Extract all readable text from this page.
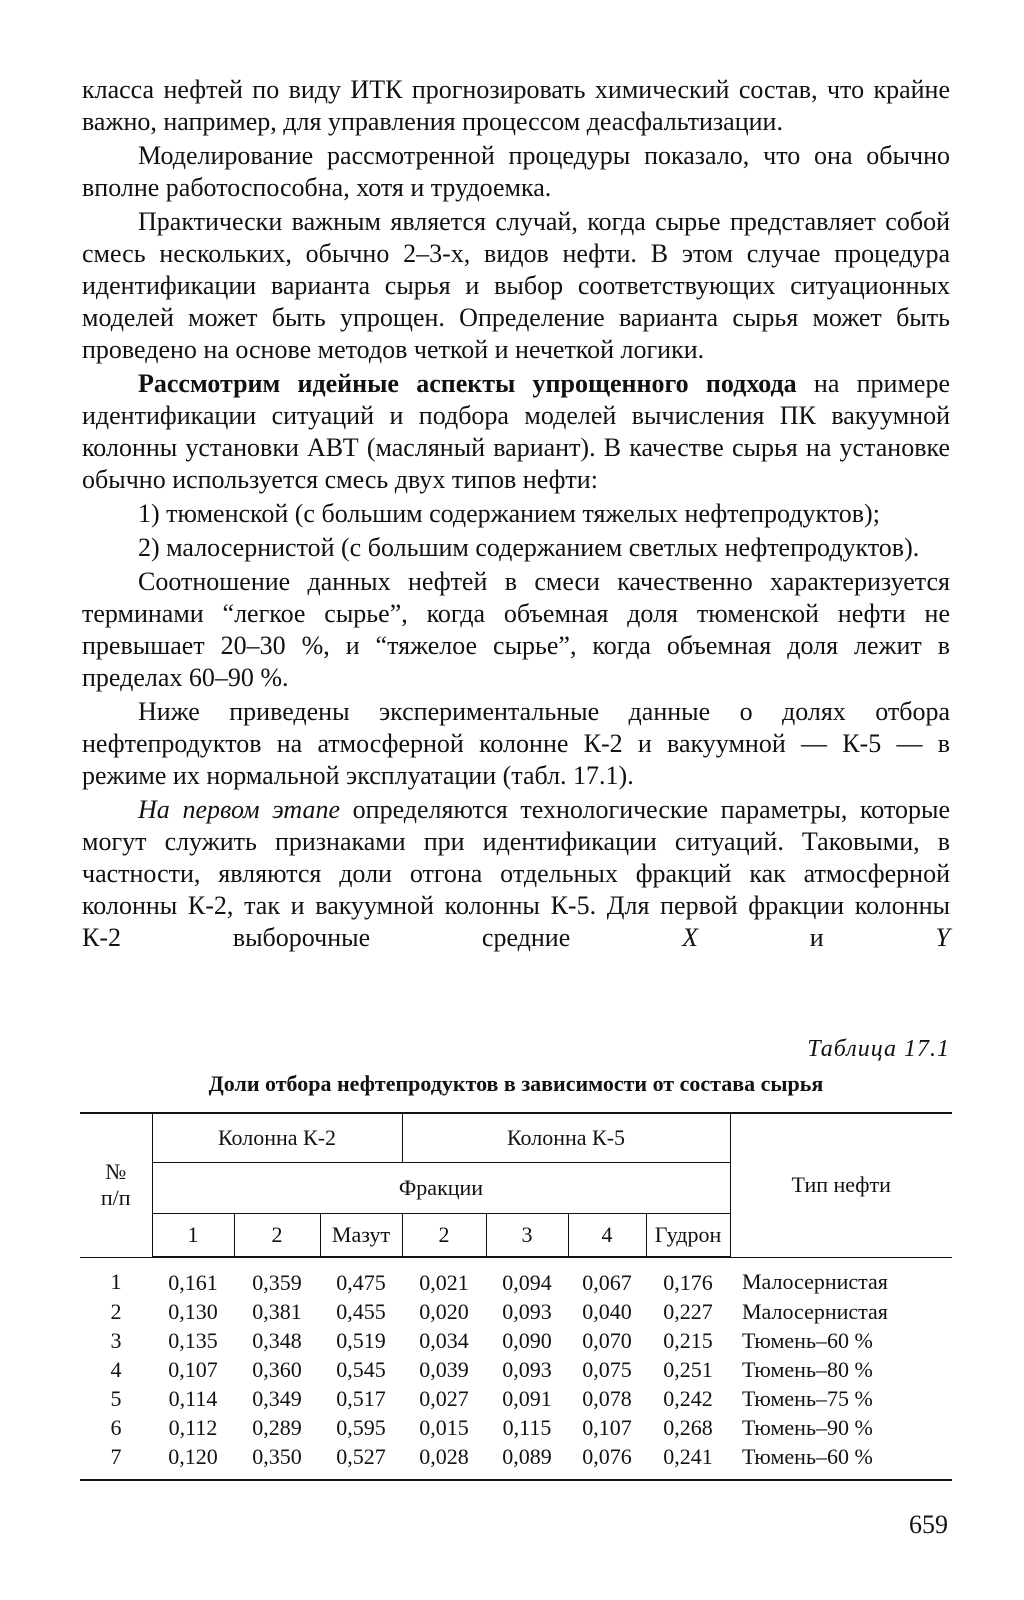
класса нефтей по виду ИТК прогнозировать химический состав, что крайне важно, например, для управления процессом деасфальтизации.

Моделирование рассмотренной процедуры показало, что она обычно вполне работоспособна, хотя и трудоемка.

Практически важным является случай, когда сырье представляет собой смесь нескольких, обычно 2–3-х, видов нефти. В этом случае процедура идентификации варианта сырья и выбор соответствующих ситуационных моделей может быть упрощен. Определение варианта сырья может быть проведено на основе методов четкой и нечеткой логики.

Рассмотрим идейные аспекты упрощенного подхода на примере идентификации ситуаций и подбора моделей вычисления ПК вакуумной колонны установки АВТ (масляный вариант). В качестве сырья на установке обычно используется смесь двух типов нефти:

1) тюменской (с большим содержанием тяжелых нефтепродуктов);

2) малосернистой (с большим содержанием светлых нефтепродуктов).

Соотношение данных нефтей в смеси качественно характеризуется терминами “легкое сырье”, когда объемная доля тюменской нефти не превышает 20–30 %, и “тяжелое сырье”, когда объемная доля лежит в пределах 60–90 %.

Ниже приведены экспериментальные данные о долях отбора нефтепродуктов на атмосферной колонне К-2 и вакуумной — К-5 — в режиме их нормальной эксплуатации (табл. 17.1).

На первом этапе определяются технологические параметры, которые могут служить признаками при идентификации ситуаций. Таковыми, в частности, являются доли отгона отдельных фракций как атмосферной колонны К-2, так и вакуумной колонны К-5. Для первой фракции колонны К-2 выборочные средние X и Y

Таблица 17.1
Доли отбора нефтепродуктов в зависимости от состава сырья
№
п/п	Колонна К-2			Колонна К-5				Тип нефти
	Фракции							
	1	2	Мазут	2	3	4	Гудрон	
1	0,161	0,359	0,475	0,021	0,094	0,067	0,176	Малосернистая
2	0,130	0,381	0,455	0,020	0,093	0,040	0,227	Малосернистая
3	0,135	0,348	0,519	0,034	0,090	0,070	0,215	Тюмень–60 %
4	0,107	0,360	0,545	0,039	0,093	0,075	0,251	Тюмень–80 %
5	0,114	0,349	0,517	0,027	0,091	0,078	0,242	Тюмень–75 %
6	0,112	0,289	0,595	0,015	0,115	0,107	0,268	Тюмень–90 %
7	0,120	0,350	0,527	0,028	0,089	0,076	0,241	Тюмень–60 %
659
